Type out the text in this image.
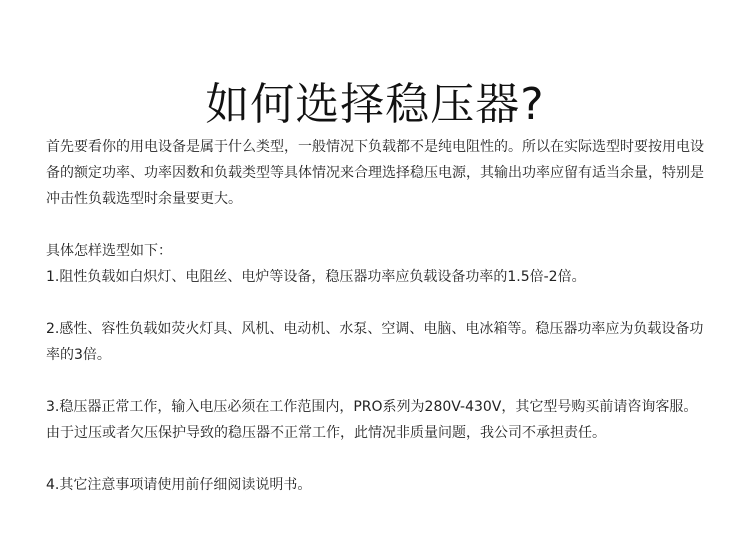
如何选择稳压器?

首先要看你的用电设备是属于什么类型，一般情况下负载都不是纯电阻性的。所以在实际选型时要按用电设备的额定功率、功率因数和负载类型等具体情况来合理选择稳压电源，其输出功率应留有适当余量，特别是冲击性负载选型时余量要更大。

具体怎样选型如下：

1.阻性负载如白炽灯、电阻丝、电炉等设备，稳压器功率应负载设备功率的1.5倍-2倍。

2.感性、容性负载如荧火灯具、风机、电动机、水泵、空调、电脑、电冰箱等。稳压器功率应为负载设备功率的3倍。

3.稳压器正常工作，输入电压必须在工作范围内，PRO系列为280V-430V，其它型号购买前请咨询客服。由于过压或者欠压保护导致的稳压器不正常工作，此情况非质量问题，我公司不承担责任。

4.其它注意事项请使用前仔细阅读说明书。
